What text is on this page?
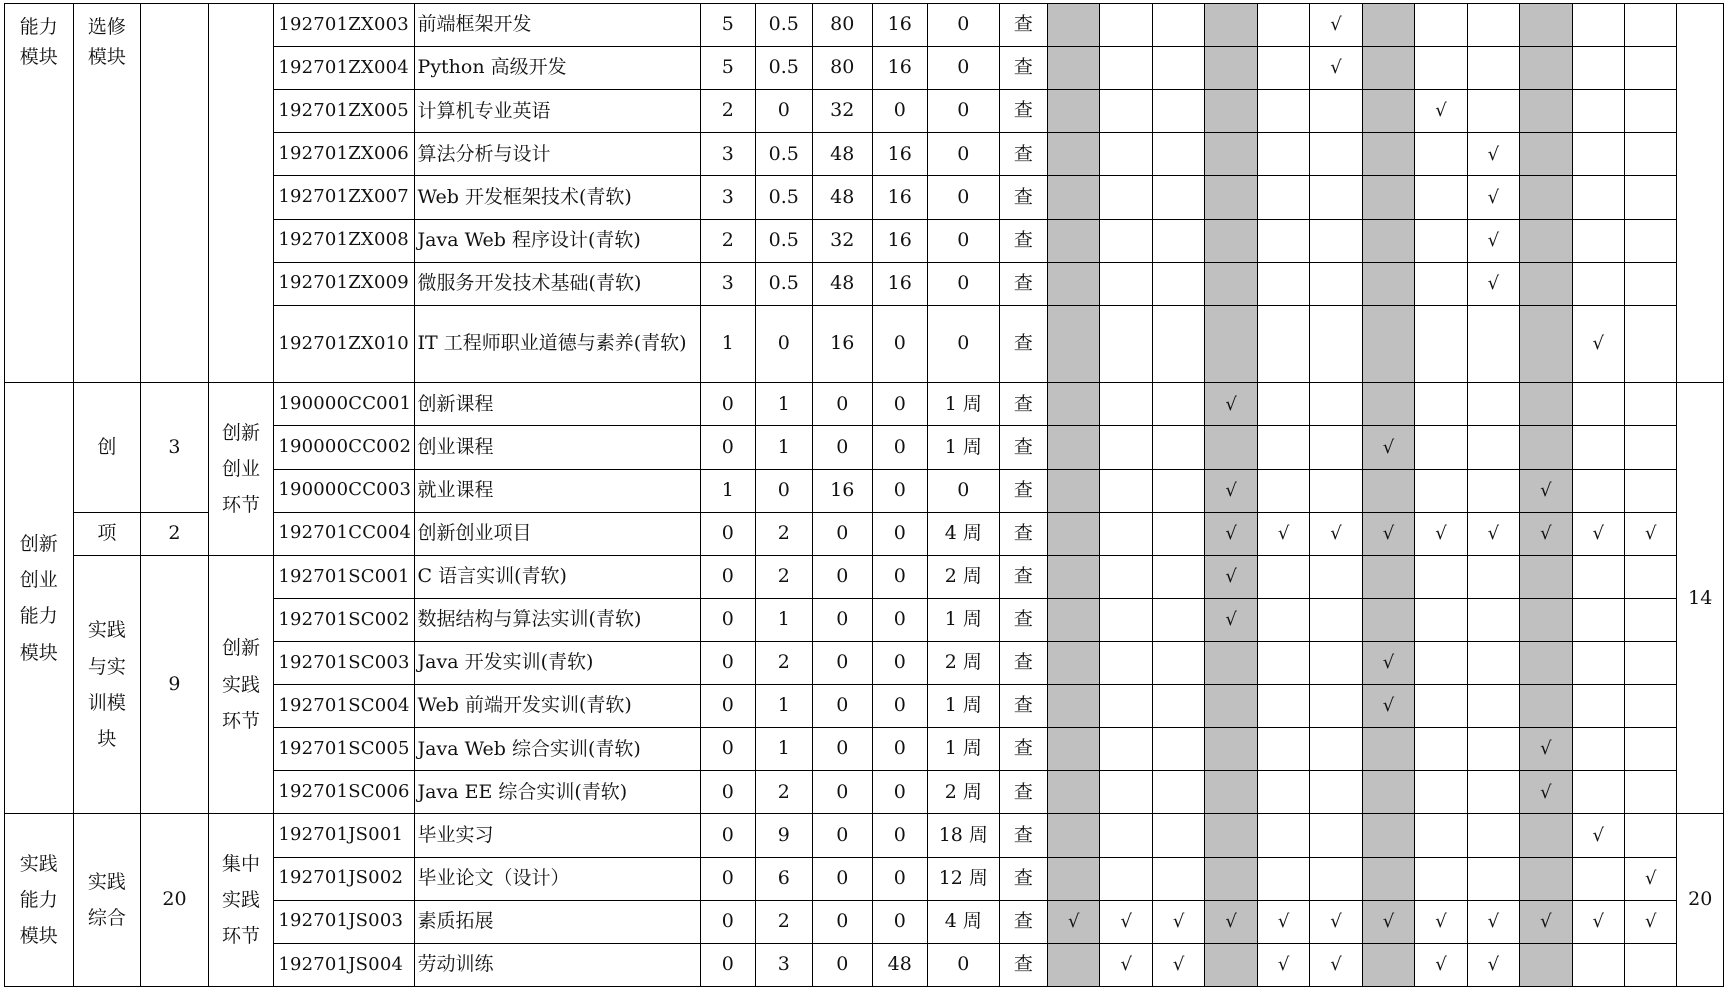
能力模块	选修模块			192701ZX003	前端框架开发	5	0.5	80	16	0	查						√							
				192701ZX004	Python 高级开发	5	0.5	80	16	0	查						√							
				192701ZX005	计算机专业英语	2	0	32	0	0	查								√					
				192701ZX006	算法分析与设计	3	0.5	48	16	0	查									√				
				192701ZX007	Web 开发框架技术(青软)	3	0.5	48	16	0	查									√				
				192701ZX008	Java Web 程序设计(青软)	2	0.5	32	16	0	查									√				
				192701ZX009	微服务开发技术基础(青软)	3	0.5	48	16	0	查									√				
				192701ZX010	IT 工程师职业道德与素养(青软)	1	0	16	0	0	查											√		
创新创业能力模块	创	3	创新创业环节	190000CC001	创新课程	0	1	0	0	1 周	查				√									14
				190000CC002	创业课程	0	1	0	0	1 周	查							√						
				190000CC003	就业课程	1	0	16	0	0	查				√						√			
	项	2		192701CC004	创新创业项目	0	2	0	0	4 周	查				√	√	√	√	√	√	√	√	√	
	实践与实训模块	9	创新实践环节	192701SC001	C 语言实训(青软)	0	2	0	0	2 周	查				√									
				192701SC002	数据结构与算法实训(青软)	0	1	0	0	1 周	查				√									
				192701SC003	Java 开发实训(青软)	0	2	0	0	2 周	查							√						
				192701SC004	Web 前端开发实训(青软)	0	1	0	0	1 周	查							√						
				192701SC005	Java Web 综合实训(青软)	0	1	0	0	1 周	查										√			
				192701SC006	Java EE 综合实训(青软)	0	2	0	0	2 周	查										√			
实践能力模块	实践综合	20	集中实践环节	192701JS001	毕业实习	0	9	0	0	18 周	查											√		20
				192701JS002	毕业论文（设计）	0	6	0	0	12 周	查												√	
				192701JS003	素质拓展	0	2	0	0	4 周	查	√	√	√	√	√	√	√	√	√	√	√	√	
				192701JS004	劳动训练	0	3	0	48	0	查		√	√		√	√		√	√				
